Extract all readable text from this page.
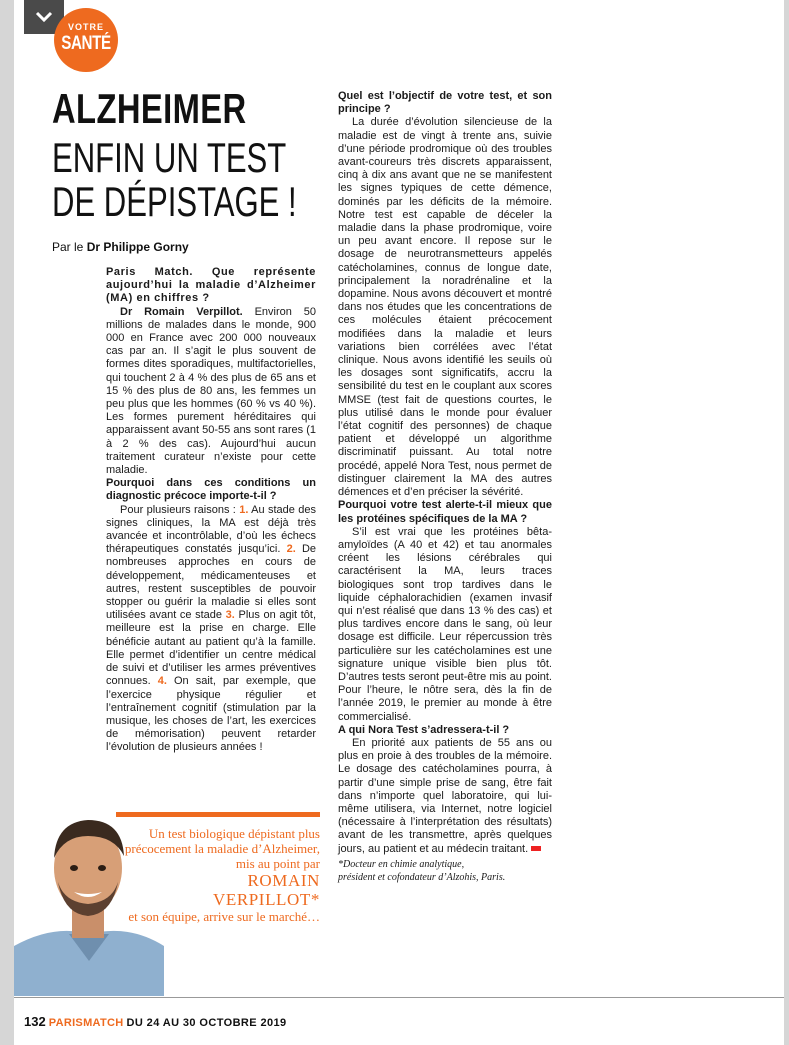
VOTRE
SANTÉ
ALZHEIMER
ENFIN UN TEST DE DÉPISTAGE !
Par le Dr Philippe Gorny

Paris Match. Que représente aujourd’hui la maladie d’Alzheimer (MA) en chiffres ?

Dr Romain Verpillot. Environ 50 millions de malades dans le monde, 900 000 en France avec 200 000 nouveaux cas par an. Il s’agit le plus souvent de formes dites sporadiques, multifactorielles, qui touchent 2 à 4 % des plus de 65 ans et 15 % des plus de 80 ans, les femmes un peu plus que les hommes (60 % vs 40 %). Les formes purement héréditaires qui apparaissent avant 50-55 ans sont rares (1 à 2 % des cas). Aujourd’hui aucun traitement curateur n’existe pour cette maladie.

Pourquoi dans ces conditions un diagnostic précoce importe-t-il ?

Pour plusieurs raisons : 1. Au stade des signes cliniques, la MA est déjà très avancée et incontrôlable, d’où les échecs thérapeutiques constatés jusqu’ici. 2. De nombreuses approches en cours de développement, médicamenteuses et autres, restent susceptibles de pouvoir stopper ou guérir la maladie si elles sont utilisées avant ce stade 3. Plus on agit tôt, meilleure est la prise en charge. Elle bénéficie autant au patient qu’à la famille. Elle permet d’identifier un centre médical de suivi et d’utiliser les armes préventives connues. 4. On sait, par exemple, que l’exercice physique régulier et l’entraînement cognitif (stimulation par la musique, les choses de l’art, les exercices de mémorisation) peuvent retarder l’évolution de plusieurs années !

Quel est l’objectif de votre test, et son principe ?

La durée d’évolution silencieuse de la maladie est de vingt à trente ans, suivie d’une période prodromique où des troubles avant-coureurs très discrets apparaissent, cinq à dix ans avant que ne se manifestent les signes typiques de cette démence, dominés par les déficits de la mémoire. Notre test est capable de déceler la maladie dans la phase prodromique, voire un peu avant encore. Il repose sur le dosage de neurotransmetteurs appelés catécholamines, connus de longue date, principalement la noradrénaline et la dopamine. Nous avons découvert et montré dans nos études que les concentrations de ces molécules étaient précocement modifiées dans la maladie et leurs variations bien corrélées avec l’état clinique. Nous avons identifié les seuils où les dosages sont significatifs, accru la sensibilité du test en le couplant aux scores MMSE (test fait de questions courtes, le plus utilisé dans le monde pour évaluer l’état cognitif des personnes) de chaque patient et développé un algorithme discriminatif puissant. Au total notre procédé, appelé Nora Test, nous permet de distinguer clairement la MA des autres démences et d’en préciser la sévérité.

Pourquoi votre test alerte-t-il mieux que les protéines spécifiques de la MA ?

S’il est vrai que les protéines bêta-amyloïdes (A 40 et 42) et tau anormales créent les lésions cérébrales qui caractérisent la MA, leurs traces biologiques sont trop tardives dans le liquide céphalorachidien (examen invasif qui n’est réalisé que dans 13 % des cas) et plus tardives encore dans le sang, où leur dosage est difficile. Leur répercussion très particulière sur les catécholamines est une signature unique visible bien plus tôt. D’autres tests seront peut-être mis au point. Pour l’heure, le nôtre sera, dès la fin de l’année 2019, le premier au monde à être commercialisé.

A qui Nora Test s’adressera-t-il ?

En priorité aux patients de 55 ans ou plus en proie à des troubles de la mémoire. Le dosage des catécholamines pourra, à partir d’une simple prise de sang, être fait dans n’importe quel laboratoire, qui lui-même utilisera, via Internet, notre logiciel (nécessaire à l’interprétation des résultats) avant de les transmettre, après quelques jours, au patient et au médecin traitant.

*Docteur en chimie analytique,
président et cofondateur d’Alzohis, Paris.
Un test biologique dépistant plus précocement la maladie d’Alzheimer, mis au point par
ROMAIN
VERPILLOT*
et son équipe, arrive sur le marché…
132 PARISMATCH DU 24 AU 30 OCTOBRE 2019
